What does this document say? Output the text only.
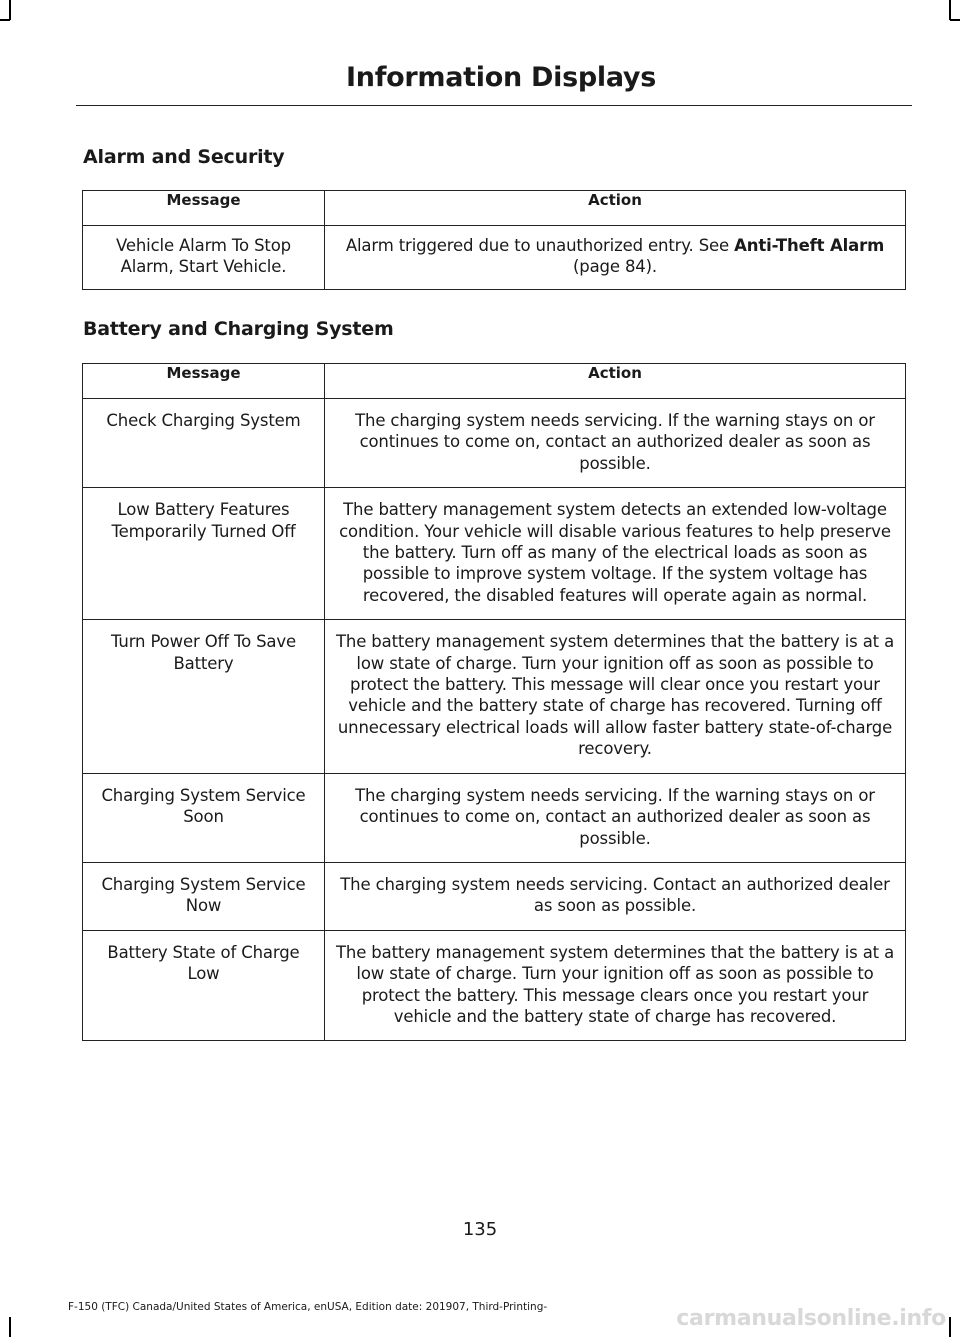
Information Displays
Alarm and Security
Message	Action
Vehicle Alarm To Stop Alarm, Start Vehicle.	Alarm triggered due to unauthorized entry. See Anti-Theft Alarm (page 84).
Battery and Charging System
Message	Action
Check Charging System	The charging system needs servicing. If the warning stays on or continues to come on, contact an authorized dealer as soon as possible.
Low Battery Features Temporarily Turned Off	The battery management system detects an extended low-voltage condition. Your vehicle will disable various features to help preserve the battery. Turn off as many of the electrical loads as soon as possible to improve system voltage. If the system voltage has recovered, the disabled features will operate again as normal.
Turn Power Off To Save Battery	The battery management system determines that the battery is at a low state of charge. Turn your ignition off as soon as possible to protect the battery. This message will clear once you restart your vehicle and the battery state of charge has recovered. Turning off unnecessary electrical loads will allow faster battery state-of-charge recovery.
Charging System Service Soon	The charging system needs servicing. If the warning stays on or continues to come on, contact an authorized dealer as soon as possible.
Charging System Service Now	The charging system needs servicing. Contact an authorized dealer as soon as possible.
Battery State of Charge Low	The battery management system determines that the battery is at a low state of charge. Turn your ignition off as soon as possible to protect the battery. This message clears once you restart your vehicle and the battery state of charge has recovered.
135
F-150 (TFC) Canada/United States of America, enUSA, Edition date: 201907, Third-Printing-	carmanualsonline.info
